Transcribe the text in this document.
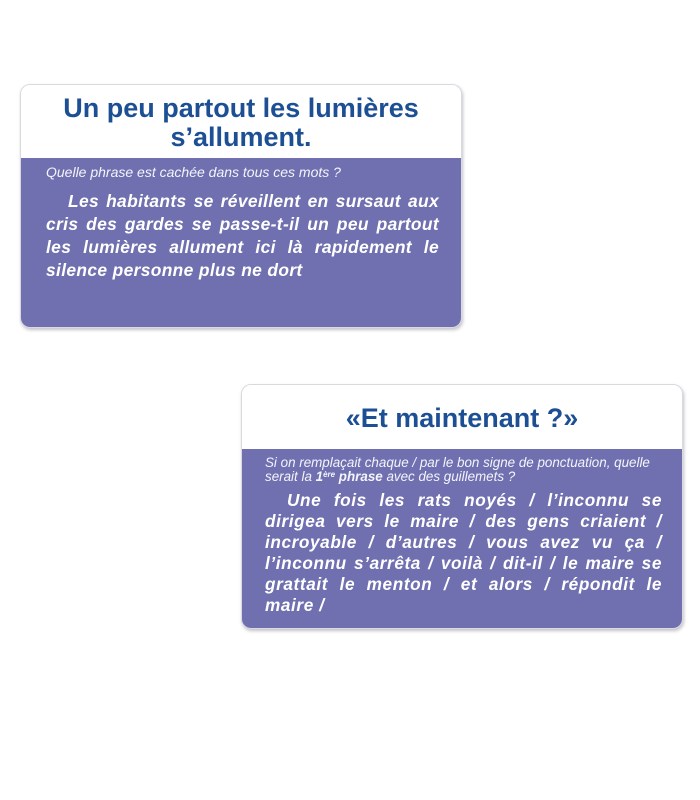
Un peu partout les lumières s’allument.

Quelle phrase est cachée dans tous ces mots ?

Les habitants se réveillent en sursaut aux cris des gardes se passe-t-il un peu partout les lumières allument ici là rapidement le silence personne plus ne dort

«Et maintenant ?»

Si on remplaçait chaque / par le bon signe de ponctuation, quelle serait la 1ère phrase avec des guillemets ?

Une fois les rats noyés / l’inconnu se dirigea vers le maire / des gens criaient / incroyable / d’autres / vous avez vu ça / l’inconnu s’arrêta / voilà / dit-il / le maire se grattait le menton / et alors / répondit le maire /
